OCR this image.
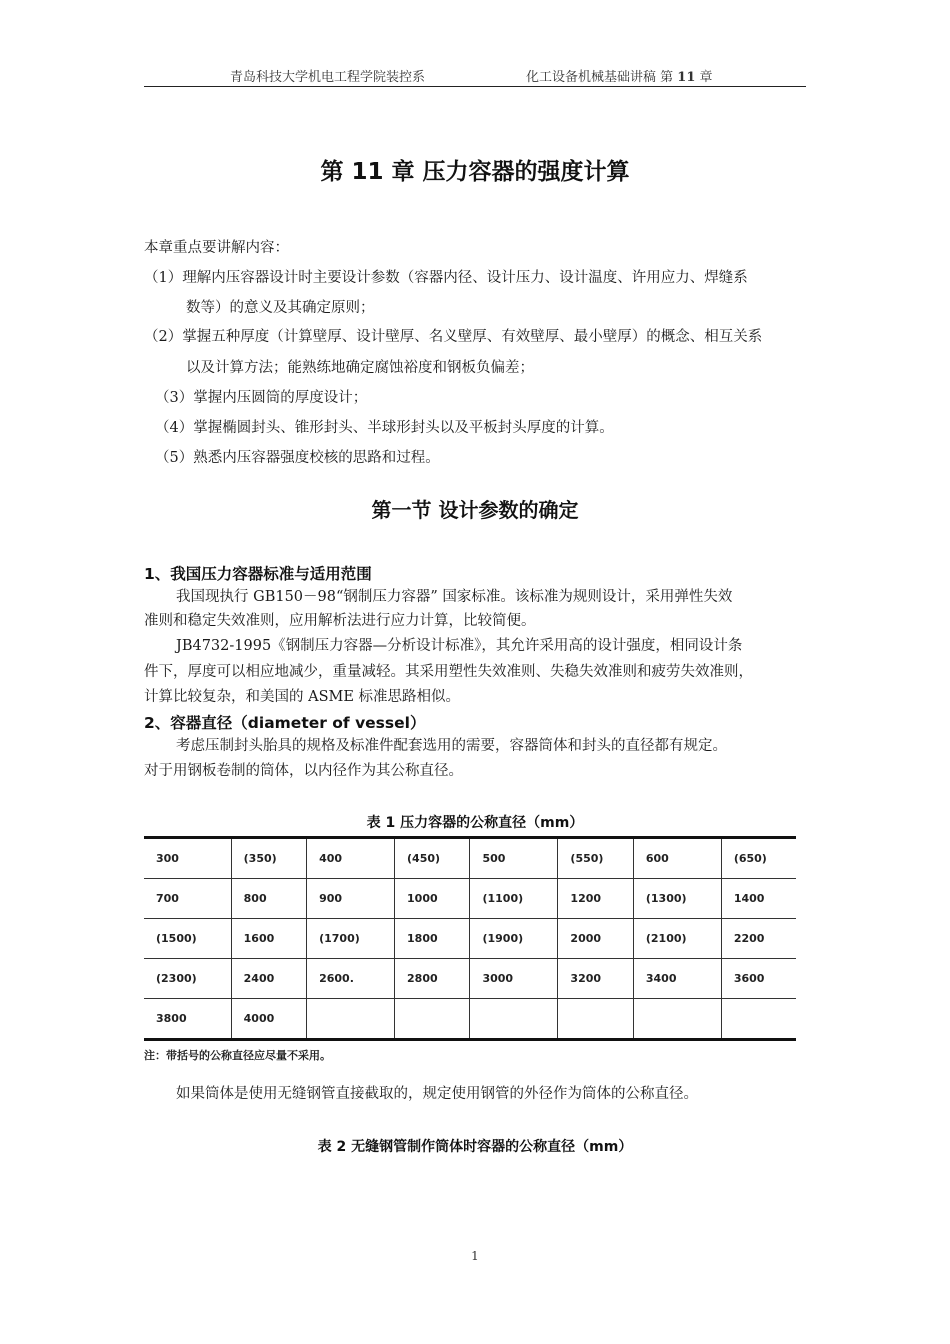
青岛科技大学机电工程学院装控系	化工设备机械基础讲稿 第 11 章
第 11 章 压力容器的强度计算
本章重点要讲解内容：
（1）理解内压容器设计时主要设计参数（容器内径、设计压力、设计温度、许用应力、焊缝系
数等）的意义及其确定原则；
（2）掌握五种厚度（计算壁厚、设计壁厚、名义壁厚、有效壁厚、最小壁厚）的概念、相互关系
以及计算方法；能熟练地确定腐蚀裕度和钢板负偏差；
（3）掌握内压圆筒的厚度设计；
（4）掌握椭圆封头、锥形封头、半球形封头以及平板封头厚度的计算。
（5）熟悉内压容器强度校核的思路和过程。
第一节 设计参数的确定
1、我国压力容器标准与适用范围
我国现执行 GB150－98“钢制压力容器” 国家标准。该标准为规则设计，采用弹性失效
准则和稳定失效准则，应用解析法进行应力计算，比较简便。
JB4732-1995《钢制压力容器—分析设计标准》，其允许采用高的设计强度，相同设计条
件下，厚度可以相应地减少，重量减轻。其采用塑性失效准则、失稳失效准则和疲劳失效准则，
计算比较复杂，和美国的 ASME 标准思路相似。
2、容器直径（diameter of vessel）
考虑压制封头胎具的规格及标准件配套选用的需要，容器筒体和封头的直径都有规定。
对于用钢板卷制的筒体，以内径作为其公称直径。
表 1 压力容器的公称直径（mm）
300	(350)	400	(450)	500	(550)	600	(650)
700	800	900	1000	(1100)	1200	(1300)	1400
(1500)	1600	(1700)	1800	(1900)	2000	(2100)	2200
(2300)	2400	2600.	2800	3000	3200	3400	3600
3800	4000						
注：带括号的公称直径应尽量不采用。
如果筒体是使用无缝钢管直接截取的，规定使用钢管的外径作为筒体的公称直径。
表 2 无缝钢管制作筒体时容器的公称直径（mm）
1
